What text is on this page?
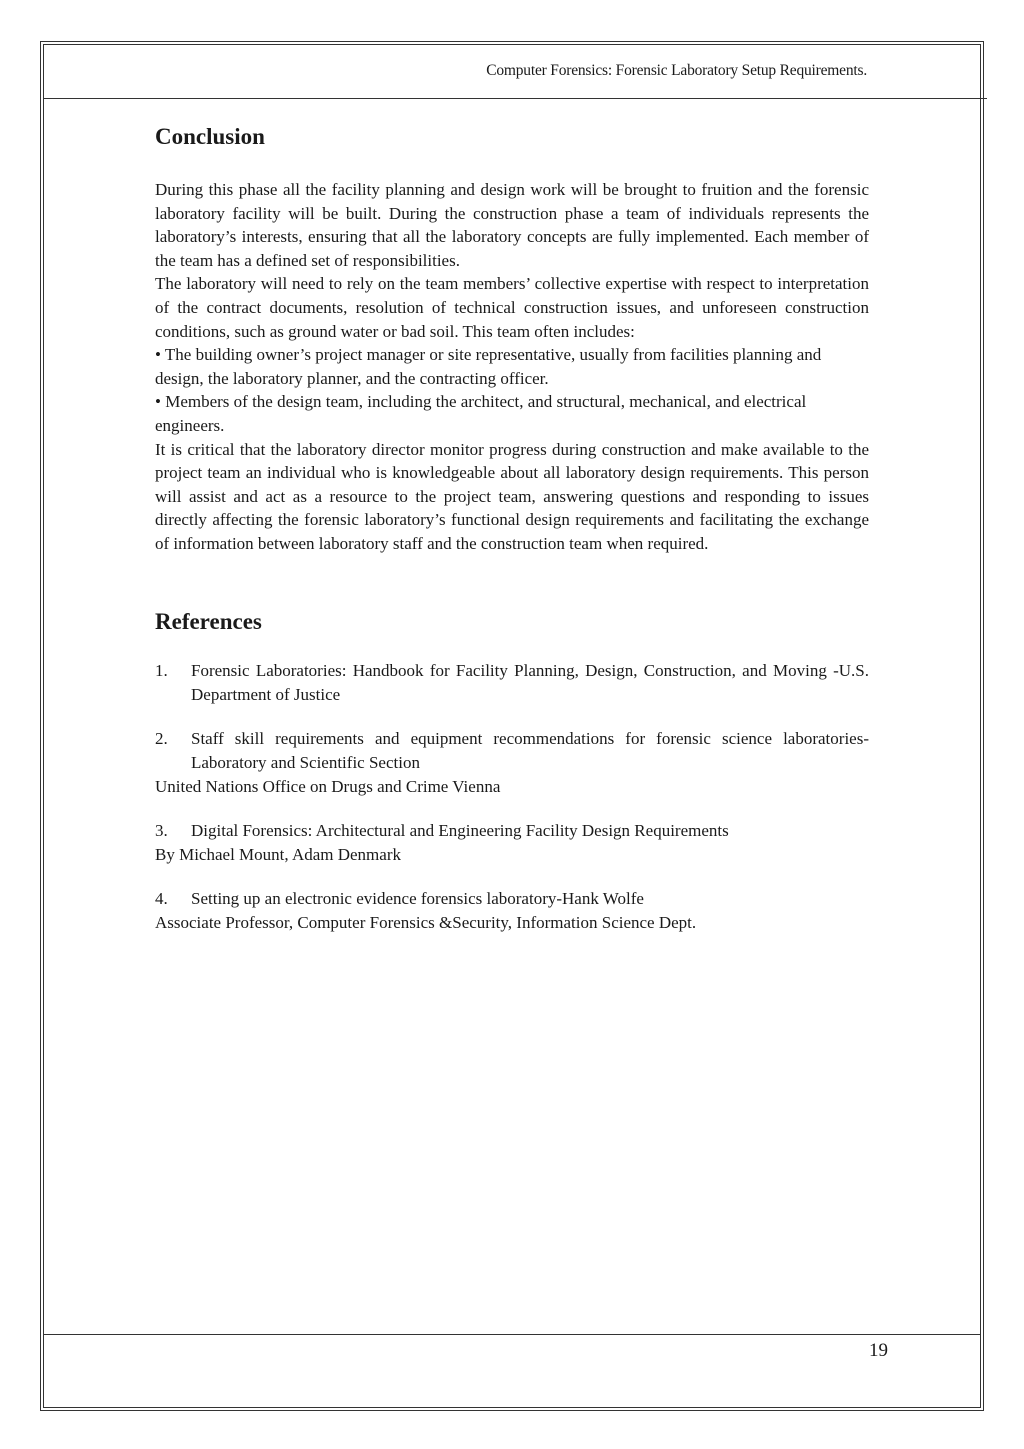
Computer Forensics: Forensic Laboratory Setup Requirements.
Conclusion

During this phase all the facility planning and design work will be brought to fruition and the forensic laboratory facility will be built. During the construction phase a team of individuals represents the laboratory’s interests, ensuring that all the laboratory concepts are fully implemented. Each member of the team has a defined set of responsibilities.

The laboratory will need to rely on the team members’ collective expertise with respect to interpretation of the contract documents, resolution of technical construction issues, and unforeseen construction conditions, such as ground water or bad soil. This team often includes:

• The building owner’s project manager or site representative, usually from facilities planning and design, the laboratory planner, and the contracting officer.

• Members of the design team, including the architect, and structural, mechanical, and electrical engineers.

It is critical that the laboratory director monitor progress during construction and make available to the project team an individual who is knowledgeable about all laboratory design requirements. This person will assist and act as a resource to the project team, answering questions and responding to issues directly affecting the forensic laboratory’s functional design requirements and facilitating the exchange of information between laboratory staff and the construction team when required.

References
1.	Forensic Laboratories: Handbook for Facility Planning, Design, Construction, and Moving -U.S. Department of Justice
2.	Staff skill requirements and equipment recommendations for forensic science laboratories-Laboratory and Scientific Section
United Nations Office on Drugs and Crime Vienna
3.	Digital Forensics: Architectural and Engineering Facility Design Requirements
By Michael Mount, Adam Denmark
4.	Setting up an electronic evidence forensics laboratory-Hank Wolfe
Associate Professor, Computer Forensics &Security, Information Science Dept.
19
